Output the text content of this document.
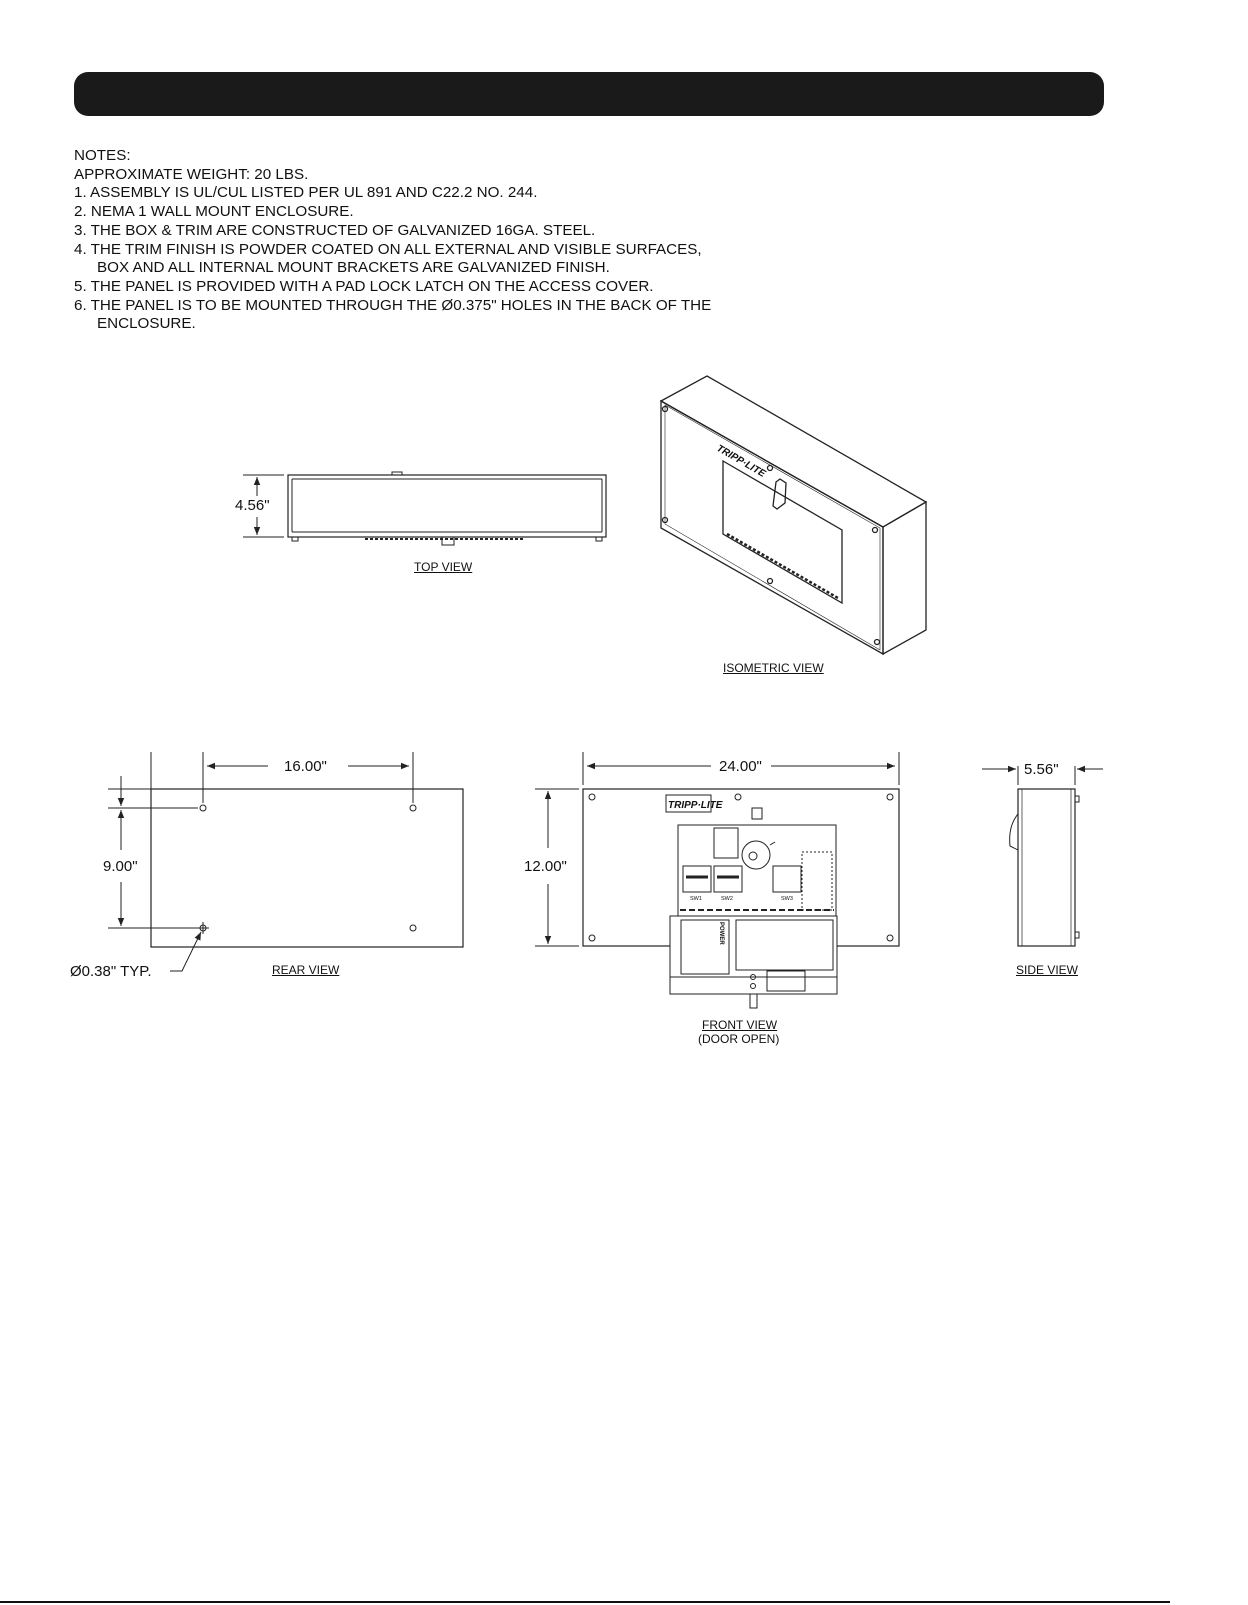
NOTES:
APPROXIMATE WEIGHT: 20 LBS.
1. ASSEMBLY IS UL/CUL LISTED PER UL 891 AND C22.2 NO. 244.
2. NEMA 1 WALL MOUNT ENCLOSURE.
3. THE BOX & TRIM ARE CONSTRUCTED OF GALVANIZED 16GA. STEEL.
4. THE TRIM FINISH IS POWDER COATED ON ALL EXTERNAL AND VISIBLE SURFACES,
BOX AND ALL INTERNAL MOUNT BRACKETS ARE GALVANIZED FINISH.
5. THE PANEL IS PROVIDED WITH A PAD LOCK LATCH ON THE ACCESS COVER.
6. THE PANEL IS TO BE MOUNTED THROUGH THE Ø0.375" HOLES IN THE BACK OF THE
ENCLOSURE.
TRIPP·LITE
TRIPP·LITE
SW1	SW2	SW3
POWER
TOP VIEW
ISOMETRIC VIEW
REAR VIEW
FRONT VIEW
(DOOR OPEN)
SIDE VIEW
4.56"
16.00"
9.00"
Ø0.38" TYP.
24.00"
12.00"
5.56"
